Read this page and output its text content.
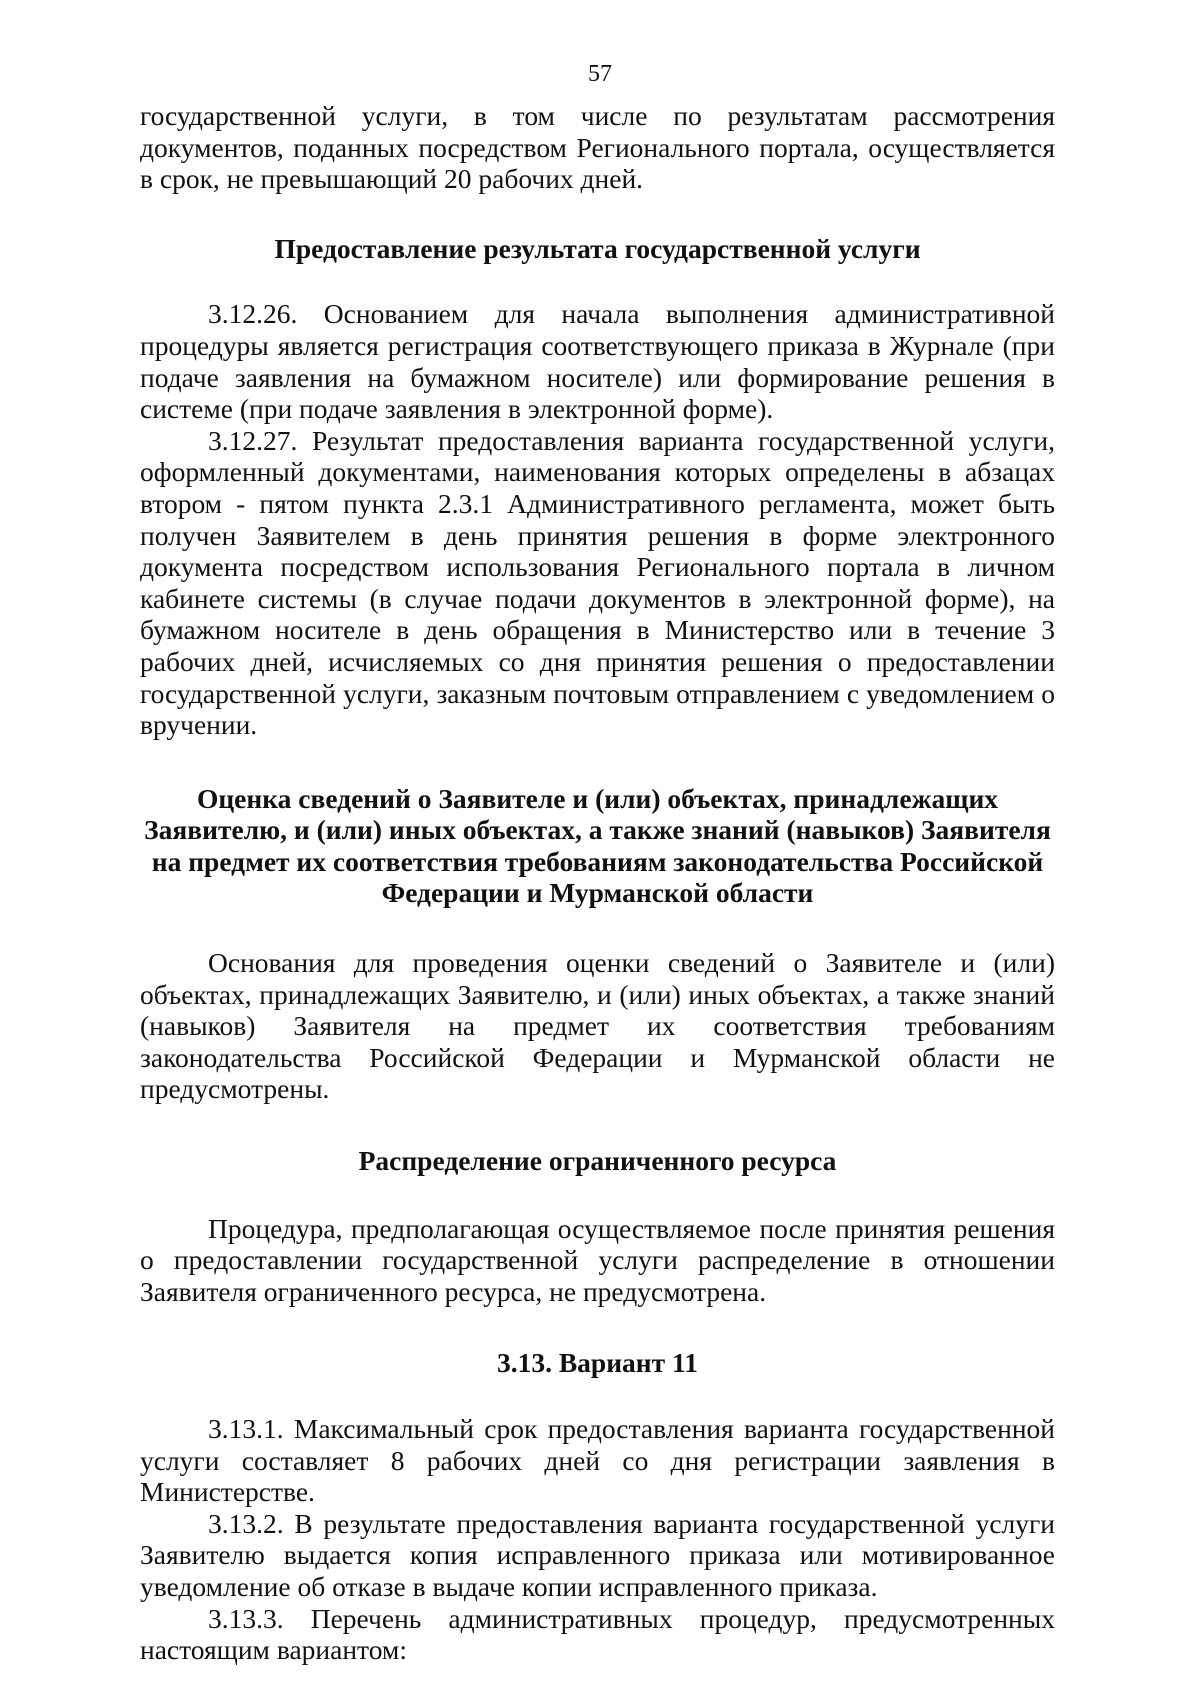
57

государственной услуги, в том числе по результатам рассмотрения документов, поданных посредством Регионального портала, осуществляется в срок, не превышающий 20 рабочих дней.

Предоставление результата государственной услуги

3.12.26. Основанием для начала выполнения административной процедуры является регистрация соответствующего приказа в Журнале (при подаче заявления на бумажном носителе) или формирование решения в системе (при подаче заявления в электронной форме).

3.12.27. Результат предоставления варианта государственной услуги, оформленный документами, наименования которых определены в абзацах втором - пятом пункта 2.3.1 Административного регламента, может быть получен Заявителем в день принятия решения в форме электронного документа посредством использования Регионального портала в личном кабинете системы (в случае подачи документов в электронной форме), на бумажном носителе в день обращения в Министерство или в течение 3 рабочих дней, исчисляемых со дня принятия решения о предоставлении государственной услуги, заказным почтовым отправлением с уведомлением о вручении.

Оценка сведений о Заявителе и (или) объектах, принадлежащих Заявителю, и (или) иных объектах, а также знаний (навыков) Заявителя на предмет их соответствия требованиям законодательства Российской Федерации и Мурманской области

Основания для проведения оценки сведений о Заявителе и (или) объектах, принадлежащих Заявителю, и (или) иных объектах, а также знаний (навыков) Заявителя на предмет их соответствия требованиям законодательства Российской Федерации и Мурманской области не предусмотрены.

Распределение ограниченного ресурса

Процедура, предполагающая осуществляемое после принятия решения о предоставлении государственной услуги распределение в отношении Заявителя ограниченного ресурса, не предусмотрена.

3.13. Вариант 11

3.13.1. Максимальный срок предоставления варианта государственной услуги составляет 8 рабочих дней со дня регистрации заявления в Министерстве.

3.13.2. В результате предоставления варианта государственной услуги Заявителю выдается копия исправленного приказа или мотивированное уведомление об отказе в выдаче копии исправленного приказа.

3.13.3. Перечень административных процедур, предусмотренных настоящим вариантом:
